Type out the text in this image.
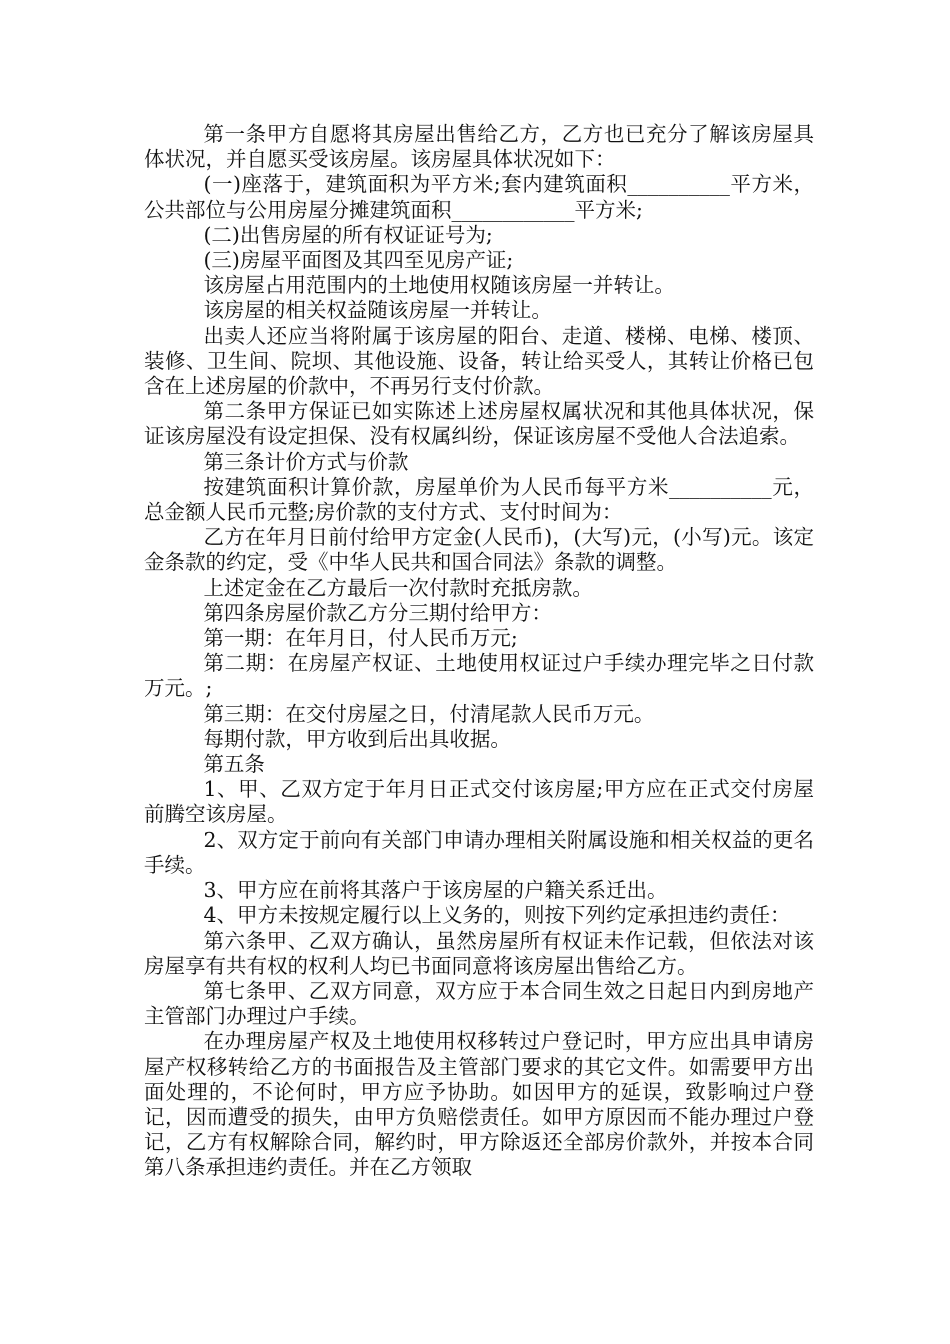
第一条甲方自愿将其房屋出售给乙方，乙方也已充分了解该房屋具体状况，并自愿买受该房屋。该房屋具体状况如下：

(一)座落于，建筑面积为平方米;套内建筑面积__________平方米，公共部位与公用房屋分摊建筑面积____________平方米;

(二)出售房屋的所有权证证号为;

(三)房屋平面图及其四至见房产证;

该房屋占用范围内的土地使用权随该房屋一并转让。

该房屋的相关权益随该房屋一并转让。

出卖人还应当将附属于该房屋的阳台、走道、楼梯、电梯、楼顶、装修、卫生间、院坝、其他设施、设备，转让给买受人，其转让价格已包含在上述房屋的价款中，不再另行支付价款。

第二条甲方保证已如实陈述上述房屋权属状况和其他具体状况，保证该房屋没有设定担保、没有权属纠纷，保证该房屋不受他人合法追索。

第三条计价方式与价款

按建筑面积计算价款，房屋单价为人民币每平方米__________元，总金额人民币元整;房价款的支付方式、支付时间为：

乙方在年月日前付给甲方定金(人民币)，(大写)元，(小写)元。该定金条款的约定，受《中华人民共和国合同法》条款的调整。

上述定金在乙方最后一次付款时充抵房款。

第四条房屋价款乙方分三期付给甲方：

第一期：在年月日，付人民币万元;

第二期：在房屋产权证、土地使用权证过户手续办理完毕之日付款万元。;

第三期：在交付房屋之日，付清尾款人民币万元。

每期付款，甲方收到后出具收据。

第五条

1、甲、乙双方定于年月日正式交付该房屋;甲方应在正式交付房屋前腾空该房屋。

2、双方定于前向有关部门申请办理相关附属设施和相关权益的更名手续。

3、甲方应在前将其落户于该房屋的户籍关系迁出。

4、甲方未按规定履行以上义务的，则按下列约定承担违约责任：

第六条甲、乙双方确认，虽然房屋所有权证未作记载，但依法对该房屋享有共有权的权利人均已书面同意将该房屋出售给乙方。

第七条甲、乙双方同意，双方应于本合同生效之日起日内到房地产主管部门办理过户手续。

在办理房屋产权及土地使用权移转过户登记时，甲方应出具申请房屋产权移转给乙方的书面报告及主管部门要求的其它文件。如需要甲方出面处理的，不论何时，甲方应予协助。如因甲方的延误，致影响过户登记，因而遭受的损失，由甲方负赔偿责任。如甲方原因而不能办理过户登记，乙方有权解除合同，解约时，甲方除返还全部房价款外，并按本合同第八条承担违约责任。并在乙方领取
